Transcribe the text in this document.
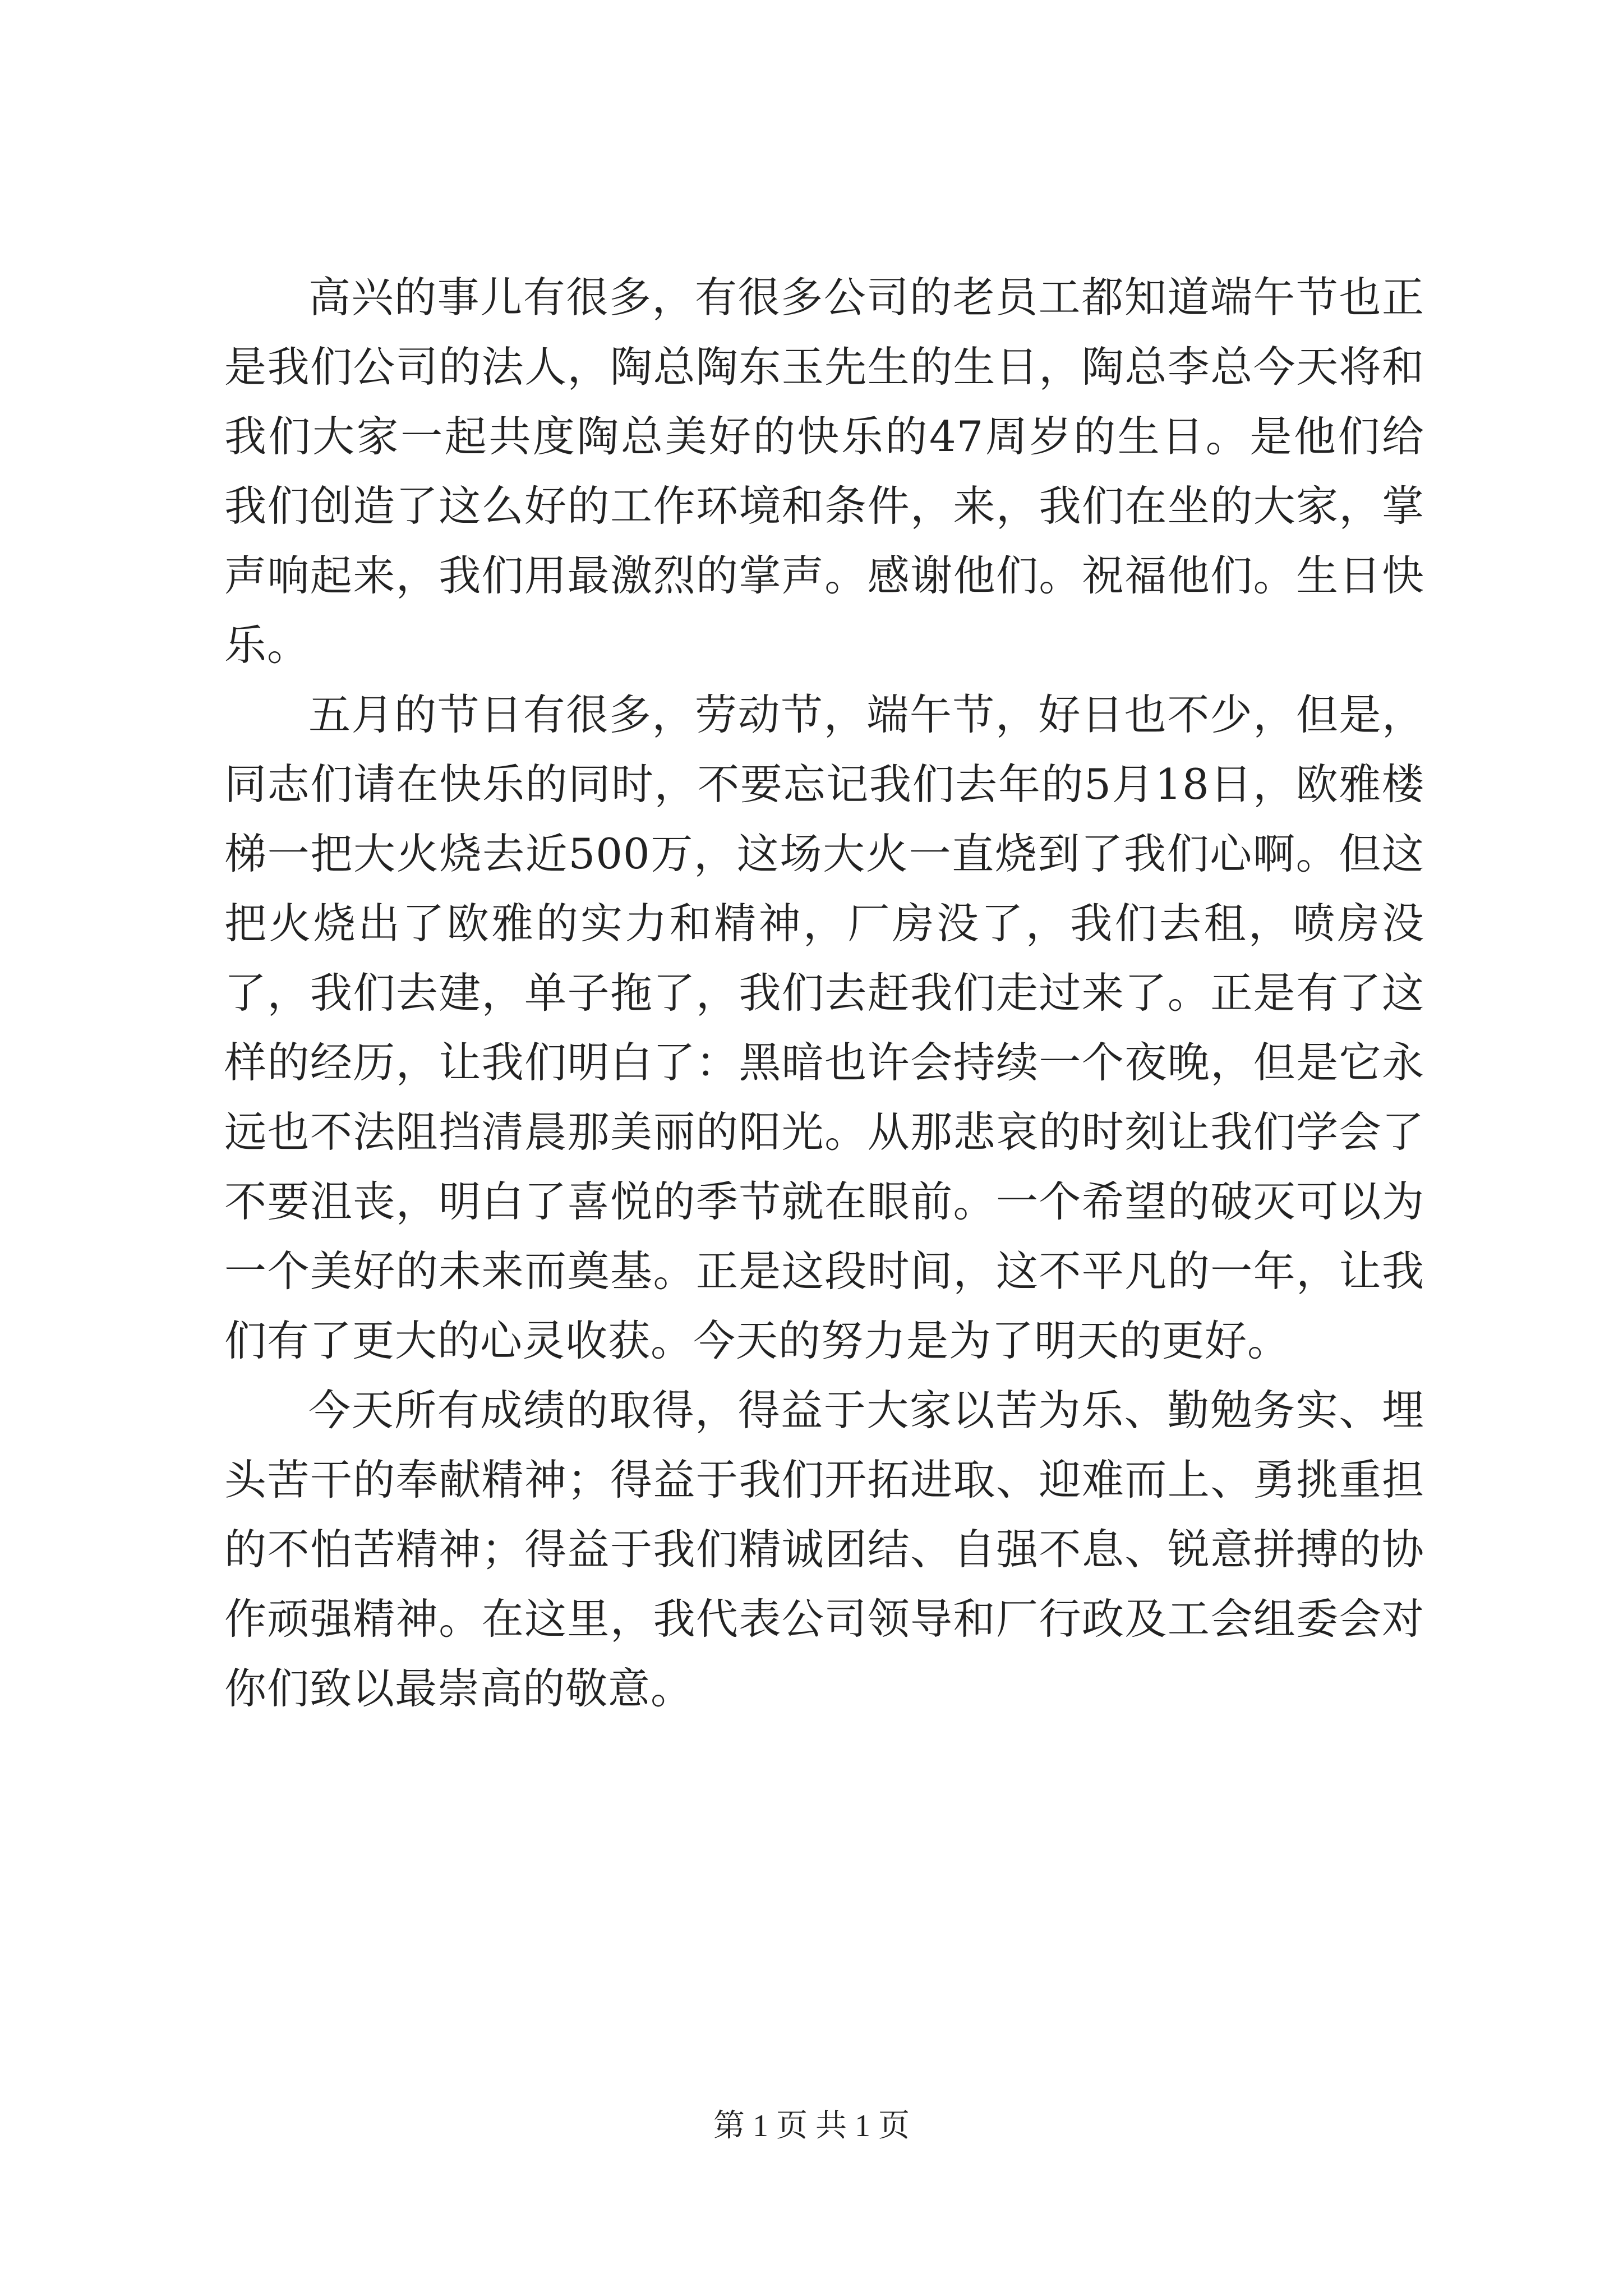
高兴的事儿有很多，有很多公司的老员工都知道端午节也正是我们公司的法人，陶总陶东玉先生的生日，陶总李总今天将和我们大家一起共度陶总美好的快乐的47周岁的生日。是他们给我们创造了这么好的工作环境和条件，来，我们在坐的大家，掌声响起来，我们用最激烈的掌声。感谢他们。祝福他们。生日快乐。

五月的节日有很多，劳动节，端午节，好日也不少，但是，同志们请在快乐的同时，不要忘记我们去年的5月18日，欧雅楼梯一把大火烧去近500万，这场大火一直烧到了我们心啊。但这把火烧出了欧雅的实力和精神，厂房没了，我们去租，喷房没了，我们去建，单子拖了，我们去赶我们走过来了。正是有了这样的经历，让我们明白了：黑暗也许会持续一个夜晚，但是它永远也不法阻挡清晨那美丽的阳光。从那悲哀的时刻让我们学会了不要沮丧，明白了喜悦的季节就在眼前。一个希望的破灭可以为一个美好的未来而奠基。正是这段时间，这不平凡的一年，让我们有了更大的心灵收获。今天的努力是为了明天的更好。

今天所有成绩的取得，得益于大家以苦为乐、勤勉务实、埋头苦干的奉献精神；得益于我们开拓进取、迎难而上、勇挑重担的不怕苦精神；得益于我们精诚团结、自强不息、锐意拼搏的协作顽强精神。在这里，我代表公司领导和厂行政及工会组委会对你们致以最崇高的敬意。

第 1 页 共 1 页
